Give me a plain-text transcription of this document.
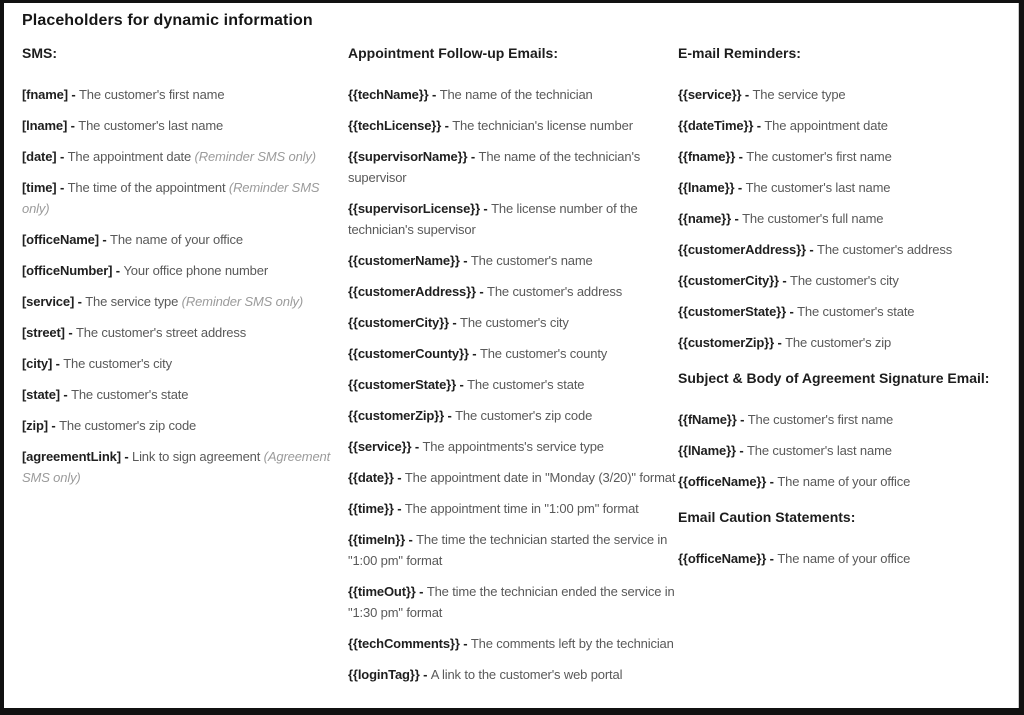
Placeholders for dynamic information
SMS:

[fname] - The customer's first name

[lname] - The customer's last name

[date] - The appointment date (Reminder SMS only)

[time] - The time of the appointment (Reminder SMS only)

[officeName] - The name of your office

[officeNumber] - Your office phone number

[service] - The service type (Reminder SMS only)

[street] - The customer's street address

[city] - The customer's city

[state] - The customer's state

[zip] - The customer's zip code

[agreementLink] - Link to sign agreement (Agreement SMS only)

Appointment Follow-up Emails:

{{techName}} - The name of the technician

{{techLicense}} - The technician's license number

{{supervisorName}} - The name of the technician's supervisor

{{supervisorLicense}} - The license number of the technician's supervisor

{{customerName}} - The customer's name

{{customerAddress}} - The customer's address

{{customerCity}} - The customer's city

{{customerCounty}} - The customer's county

{{customerState}} - The customer's state

{{customerZip}} - The customer's zip code

{{service}} - The appointments's service type

{{date}} - The appointment date in "Monday (3/20)" format

{{time}} - The appointment time in "1:00 pm" format

{{timeIn}} - The time the technician started the service in "1:00 pm" format

{{timeOut}} - The time the technician ended the service in "1:30 pm" format

{{techComments}} - The comments left by the technician

{{loginTag}} - A link to the customer's web portal

E-mail Reminders:

{{service}} - The service type

{{dateTime}} - The appointment date

{{fname}} - The customer's first name

{{lname}} - The customer's last name

{{name}} - The customer's full name

{{customerAddress}} - The customer's address

{{customerCity}} - The customer's city

{{customerState}} - The customer's state

{{customerZip}} - The customer's zip

Subject & Body of Agreement Signature Email:

{{fName}} - The customer's first name

{{lName}} - The customer's last name

{{officeName}} - The name of your office

Email Caution Statements:

{{officeName}} - The name of your office
